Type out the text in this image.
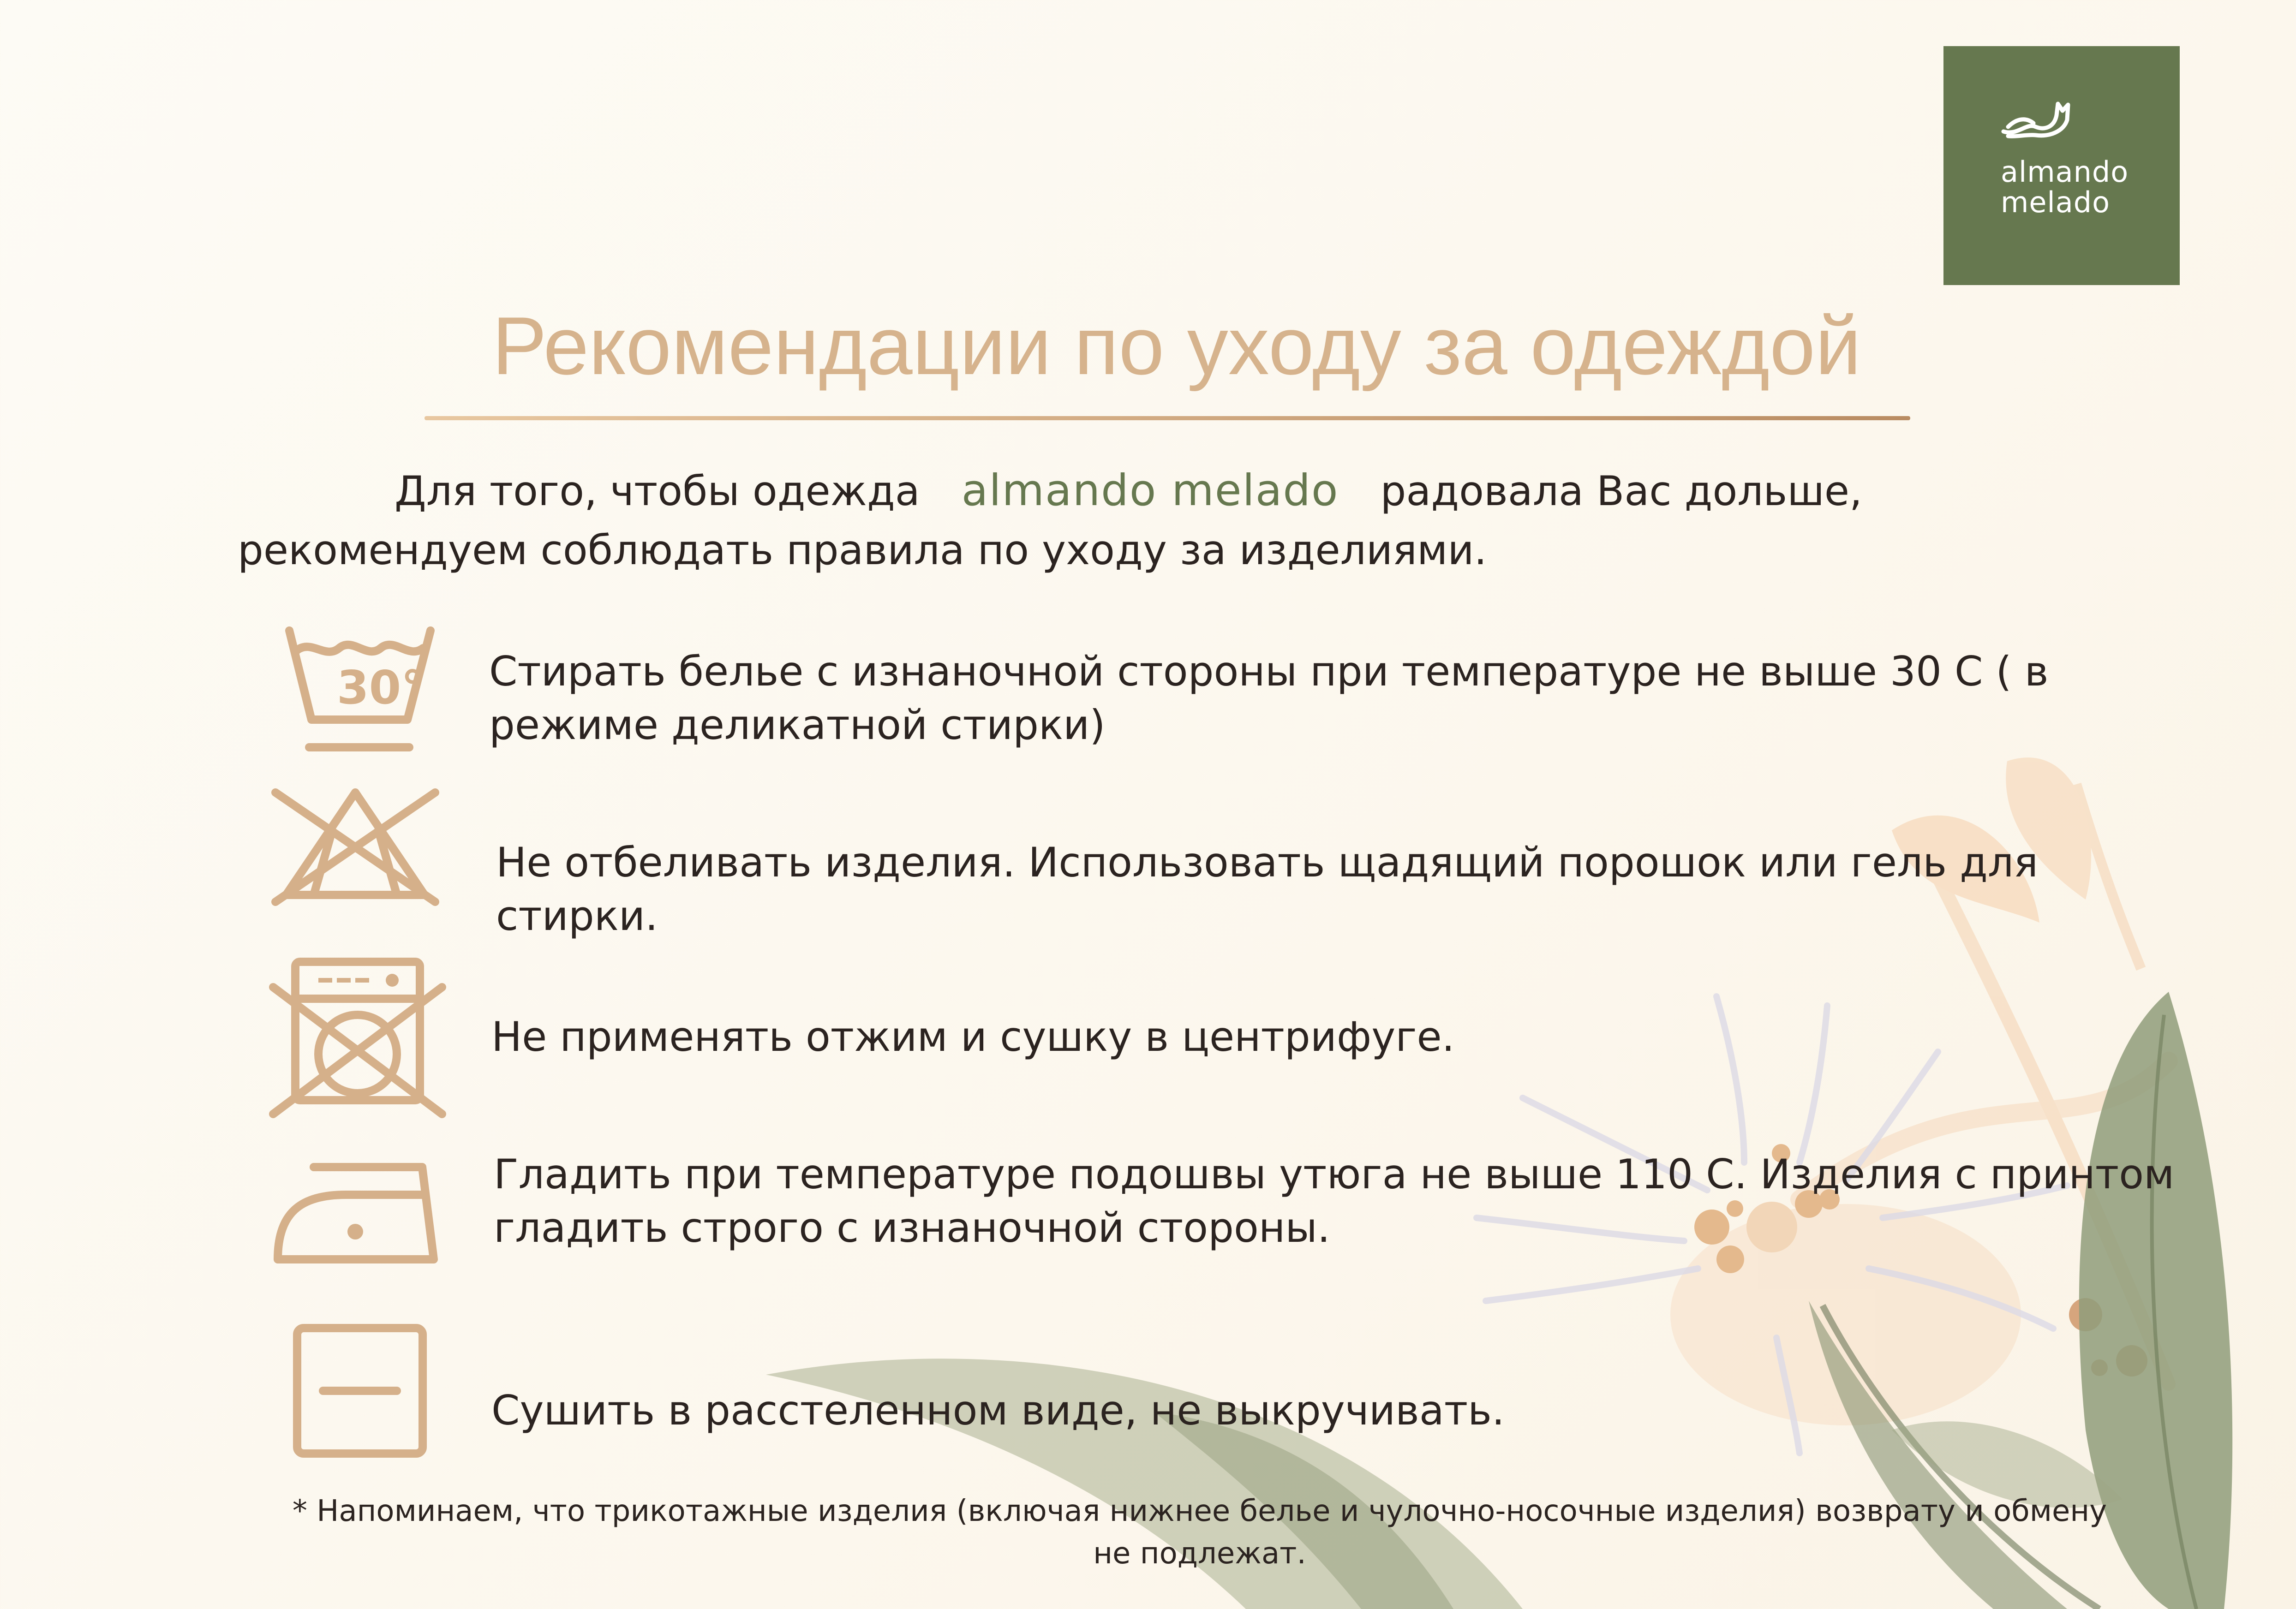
almando
melado
Рекомендации по уходу за одеждой
Для того, чтобы одежда almando melado радовала Вас дольше, рекомендуем соблюдать правила по уходу за изделиями.
30° Стирать белье с изнаночной стороны при температуре не выше 30 С ( в режиме деликатной стирки)
Не отбеливать изделия. Использовать щадящий порошок или гель для стирки.
Не применять отжим и сушку в центрифуге.
Гладить при температуре подошвы утюга не выше 110 С. Изделия с принтом гладить строго с изнаночной стороны.
Сушить в расстеленном виде, не выкручивать.
* Напоминаем, что трикотажные изделия (включая нижнее белье и чулочно-носочные изделия) возврату и обмену не подлежат.
